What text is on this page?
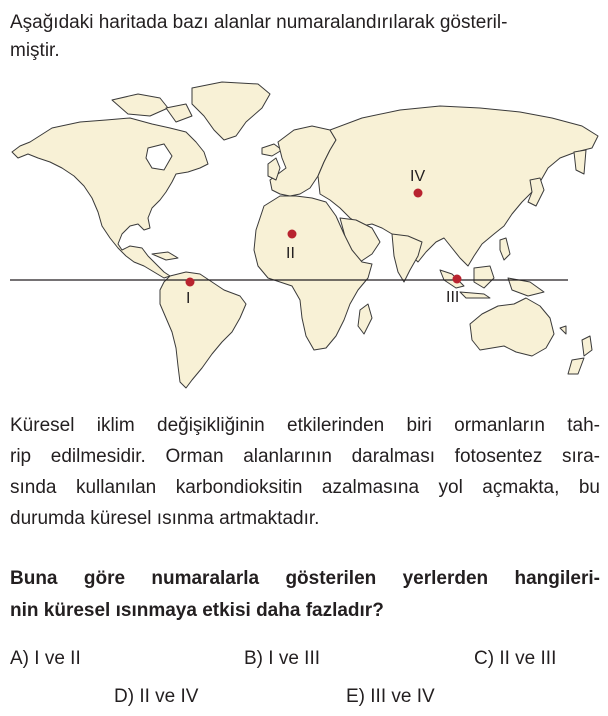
Aşağıdaki haritada bazı alanlar numaralandırılarak gösteril-
miştir.
I
II
III
IV
Küresel iklim değişikliğinin etkilerinden biri ormanların tah-
rip edilmesidir. Orman alanlarının daralması fotosentez sıra-
sında kullanılan karbondioksitin azalmasına yol açmakta, bu
durumda küresel ısınma artmaktadır.
Buna göre numaralarla gösterilen yerlerden hangileri-
nin küresel ısınmaya etkisi daha fazladır?
A) I ve II	B) I ve III	C) II ve III
D) II ve IV	E) III ve IV
